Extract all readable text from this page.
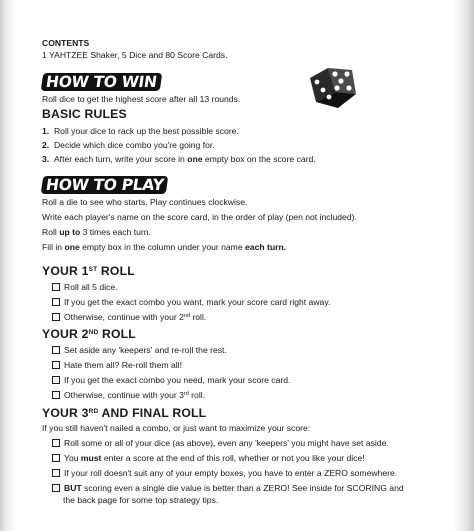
CONTENTS
1 YAHTZEE Shaker, 5 Dice and 80 Score Cards.
HOW TO WIN
Roll dice to get the highest score after all 13 rounds.
BASIC RULES
1. Roll your dice to rack up the best possible score.
2. Decide which dice combo you're going for.
3. After each turn, write your score in one empty box on the score card.
HOW TO PLAY
Roll a die to see who starts. Play continues clockwise.
Write each player's name on the score card, in the order of play (pen not included).
Roll up to 3 times each turn.
Fill in one empty box in the column under your name each turn.
YOUR 1ST ROLL
Roll all 5 dice.
If you get the exact combo you want, mark your score card right away.
Otherwise, continue with your 2nd roll.
YOUR 2ND ROLL
Set aside any 'keepers' and re-roll the rest.
Hate them all? Re-roll them all!
If you get the exact combo you need, mark your score card.
Otherwise, continue with your 3rd roll.
YOUR 3RD AND FINAL ROLL
If you still haven't nailed a combo, or just want to maximize your score:
Roll some or all of your dice (as above), even any 'keepers' you might have set aside.
You must enter a score at the end of this roll, whether or not you like your dice!
If your roll doesn't suit any of your empty boxes, you have to enter a ZERO somewhere.
BUT scoring even a single die value is better than a ZERO! See inside for SCORING and
the back page for some top strategy tips.
